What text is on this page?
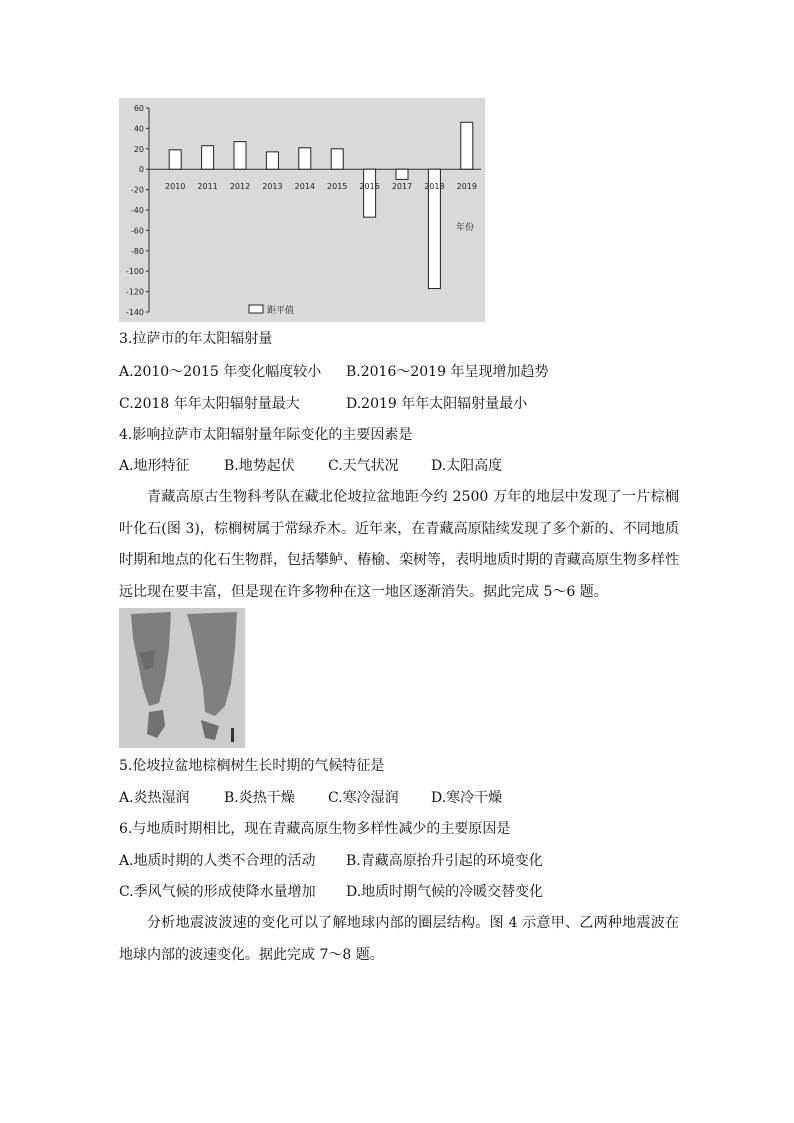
60
40
20
0
-20
-40
-60
-80
-100
-120
-140
2010 2011 2012 2013 2014 2015 2016 2017 2018 2019
年份
距平值
3.拉萨市的年太阳辐射量
A.2010～2015 年变化幅度较小 B.2016～2019 年呈现增加趋势
C.2018 年年太阳辐射量最大	D.2019 年年太阳辐射量最小
4.影响拉萨市太阳辐射量年际变化的主要因素是
A.地形特征 B.地势起伏 C.天气状况 D.太阳高度
青藏高原古生物科考队在藏北伦坡拉盆地距今约 2500 万年的地层中发现了一片棕榈叶化石(图 3)，棕榈树属于常绿乔木。近年来，在青藏高原陆续发现了多个新的、不同地质时期和地点的化石生物群，包括攀鲈、椿榆、栾树等，表明地质时期的青藏高原生物多样性远比现在要丰富，但是现在许多物种在这一地区逐渐消失。据此完成 5～6 题。
5.伦坡拉盆地棕榈树生长时期的气候特征是
A.炎热湿润 B.炎热干燥 C.寒冷湿润 D.寒冷干燥
6.与地质时期相比，现在青藏高原生物多样性减少的主要原因是
A.地质时期的人类不合理的活动 B.青藏高原抬升引起的环境变化
C.季风气候的形成使降水量增加 D.地质时期气候的冷暖交替变化
分析地震波波速的变化可以了解地球内部的圈层结构。图 4 示意甲、乙两种地震波在地球内部的波速变化。据此完成 7～8 题。
